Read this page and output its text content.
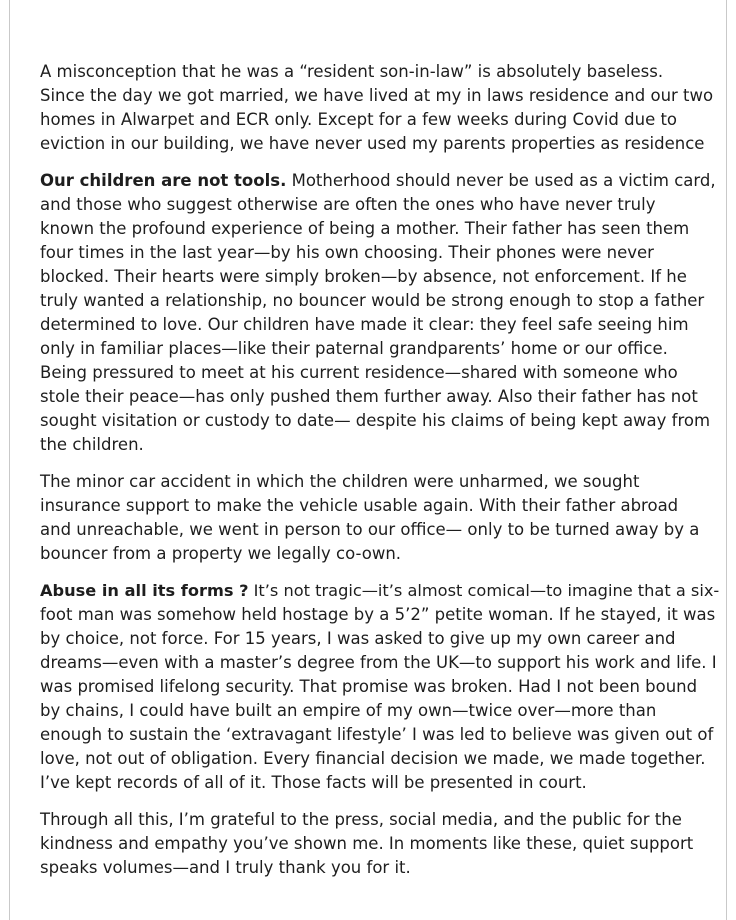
A misconception that he was a “resident son-in-law” is absolutely baseless.
Since the day we got married, we have lived at my in laws residence and our two
homes in Alwarpet and ECR only. Except for a few weeks during Covid due to
eviction in our building, we have never used my parents properties as residence
Our children are not tools. Motherhood should never be used as a victim card,
and those who suggest otherwise are often the ones who have never truly
known the profound experience of being a mother. Their father has seen them
four times in the last year—by his own choosing. Their phones were never
blocked. Their hearts were simply broken—by absence, not enforcement. If he
truly wanted a relationship, no bouncer would be strong enough to stop a father
determined to love. Our children have made it clear: they feel safe seeing him
only in familiar places—like their paternal grandparents’ home or our office.
Being pressured to meet at his current residence—shared with someone who
stole their peace—has only pushed them further away. Also their father has not
sought visitation or custody to date— despite his claims of being kept away from
the children.
The minor car accident in which the children were unharmed, we sought
insurance support to make the vehicle usable again. With their father abroad
and unreachable, we went in person to our office— only to be turned away by a
bouncer from a property we legally co-own.
Abuse in all its forms ? It’s not tragic—it’s almost comical—to imagine that a six-
foot man was somehow held hostage by a 5’2” petite woman. If he stayed, it was
by choice, not force. For 15 years, I was asked to give up my own career and
dreams—even with a master’s degree from the UK—to support his work and life. I
was promised lifelong security. That promise was broken. Had I not been bound
by chains, I could have built an empire of my own—twice over—more than
enough to sustain the ‘extravagant lifestyle’ I was led to believe was given out of
love, not out of obligation. Every financial decision we made, we made together.
I’ve kept records of all of it. Those facts will be presented in court.
Through all this, I’m grateful to the press, social media, and the public for the
kindness and empathy you’ve shown me. In moments like these, quiet support
speaks volumes—and I truly thank you for it.
